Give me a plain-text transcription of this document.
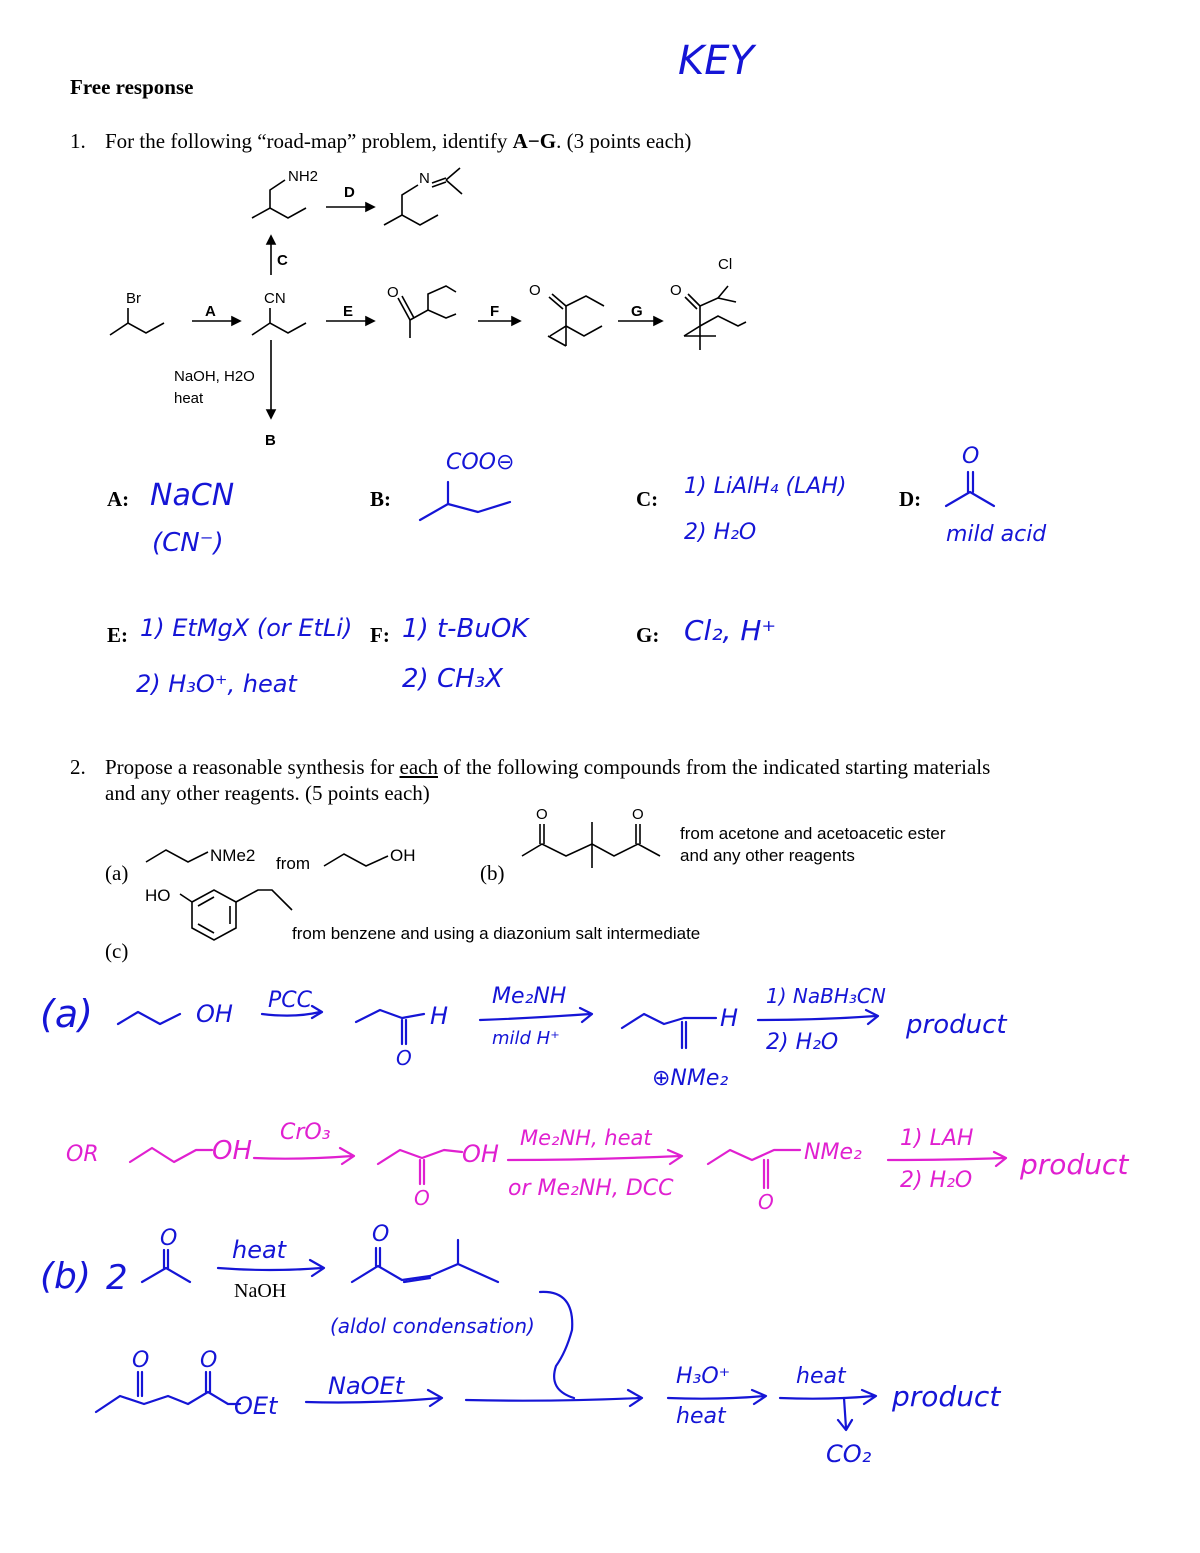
KEY
Free response
1. For the following “road-map” problem, identify A−G. (3 points each)
NH2	N
D
C
Br
A
CN
E
O
F
O
G
O
Cl
NaOH, H2O
heat
B
A: NaCN
(CN⁻)
B:
COO⊖
C: 1) LiAlH₄ (LAH)
2) H₂O
D:
O
mild acid
E: 1) EtMgX (or EtLi)
2) H₃O⁺, heat
F: 1) t-BuOK
2) CH₃X
G: Cl₂, H⁺
2. Propose a reasonable synthesis for each of the following compounds from the indicated starting materials
and any other reagents. (5 points each)
(a)
NMe2 from	OH
(b)
O	O
from acetone and acetoacetic ester
and any other reagents
HO
from benzene and using a diazonium salt intermediate
(c)
(a)	OH PCC
H
O
Me₂NH
mild H⁺
H
⊕NMe₂
1) NaBH₃CN
2) H₂O
product
OR	OH
CrO₃
OH
O
Me₂NH, heat
or Me₂NH, DCC
NMe₂
O
1) LAH
2) H₂O product
(b) 2
O heat
NaOH
O
(aldol condensation)
O O
OEt
NaOEt	H₃O⁺
heat
heat
CO₂
product
